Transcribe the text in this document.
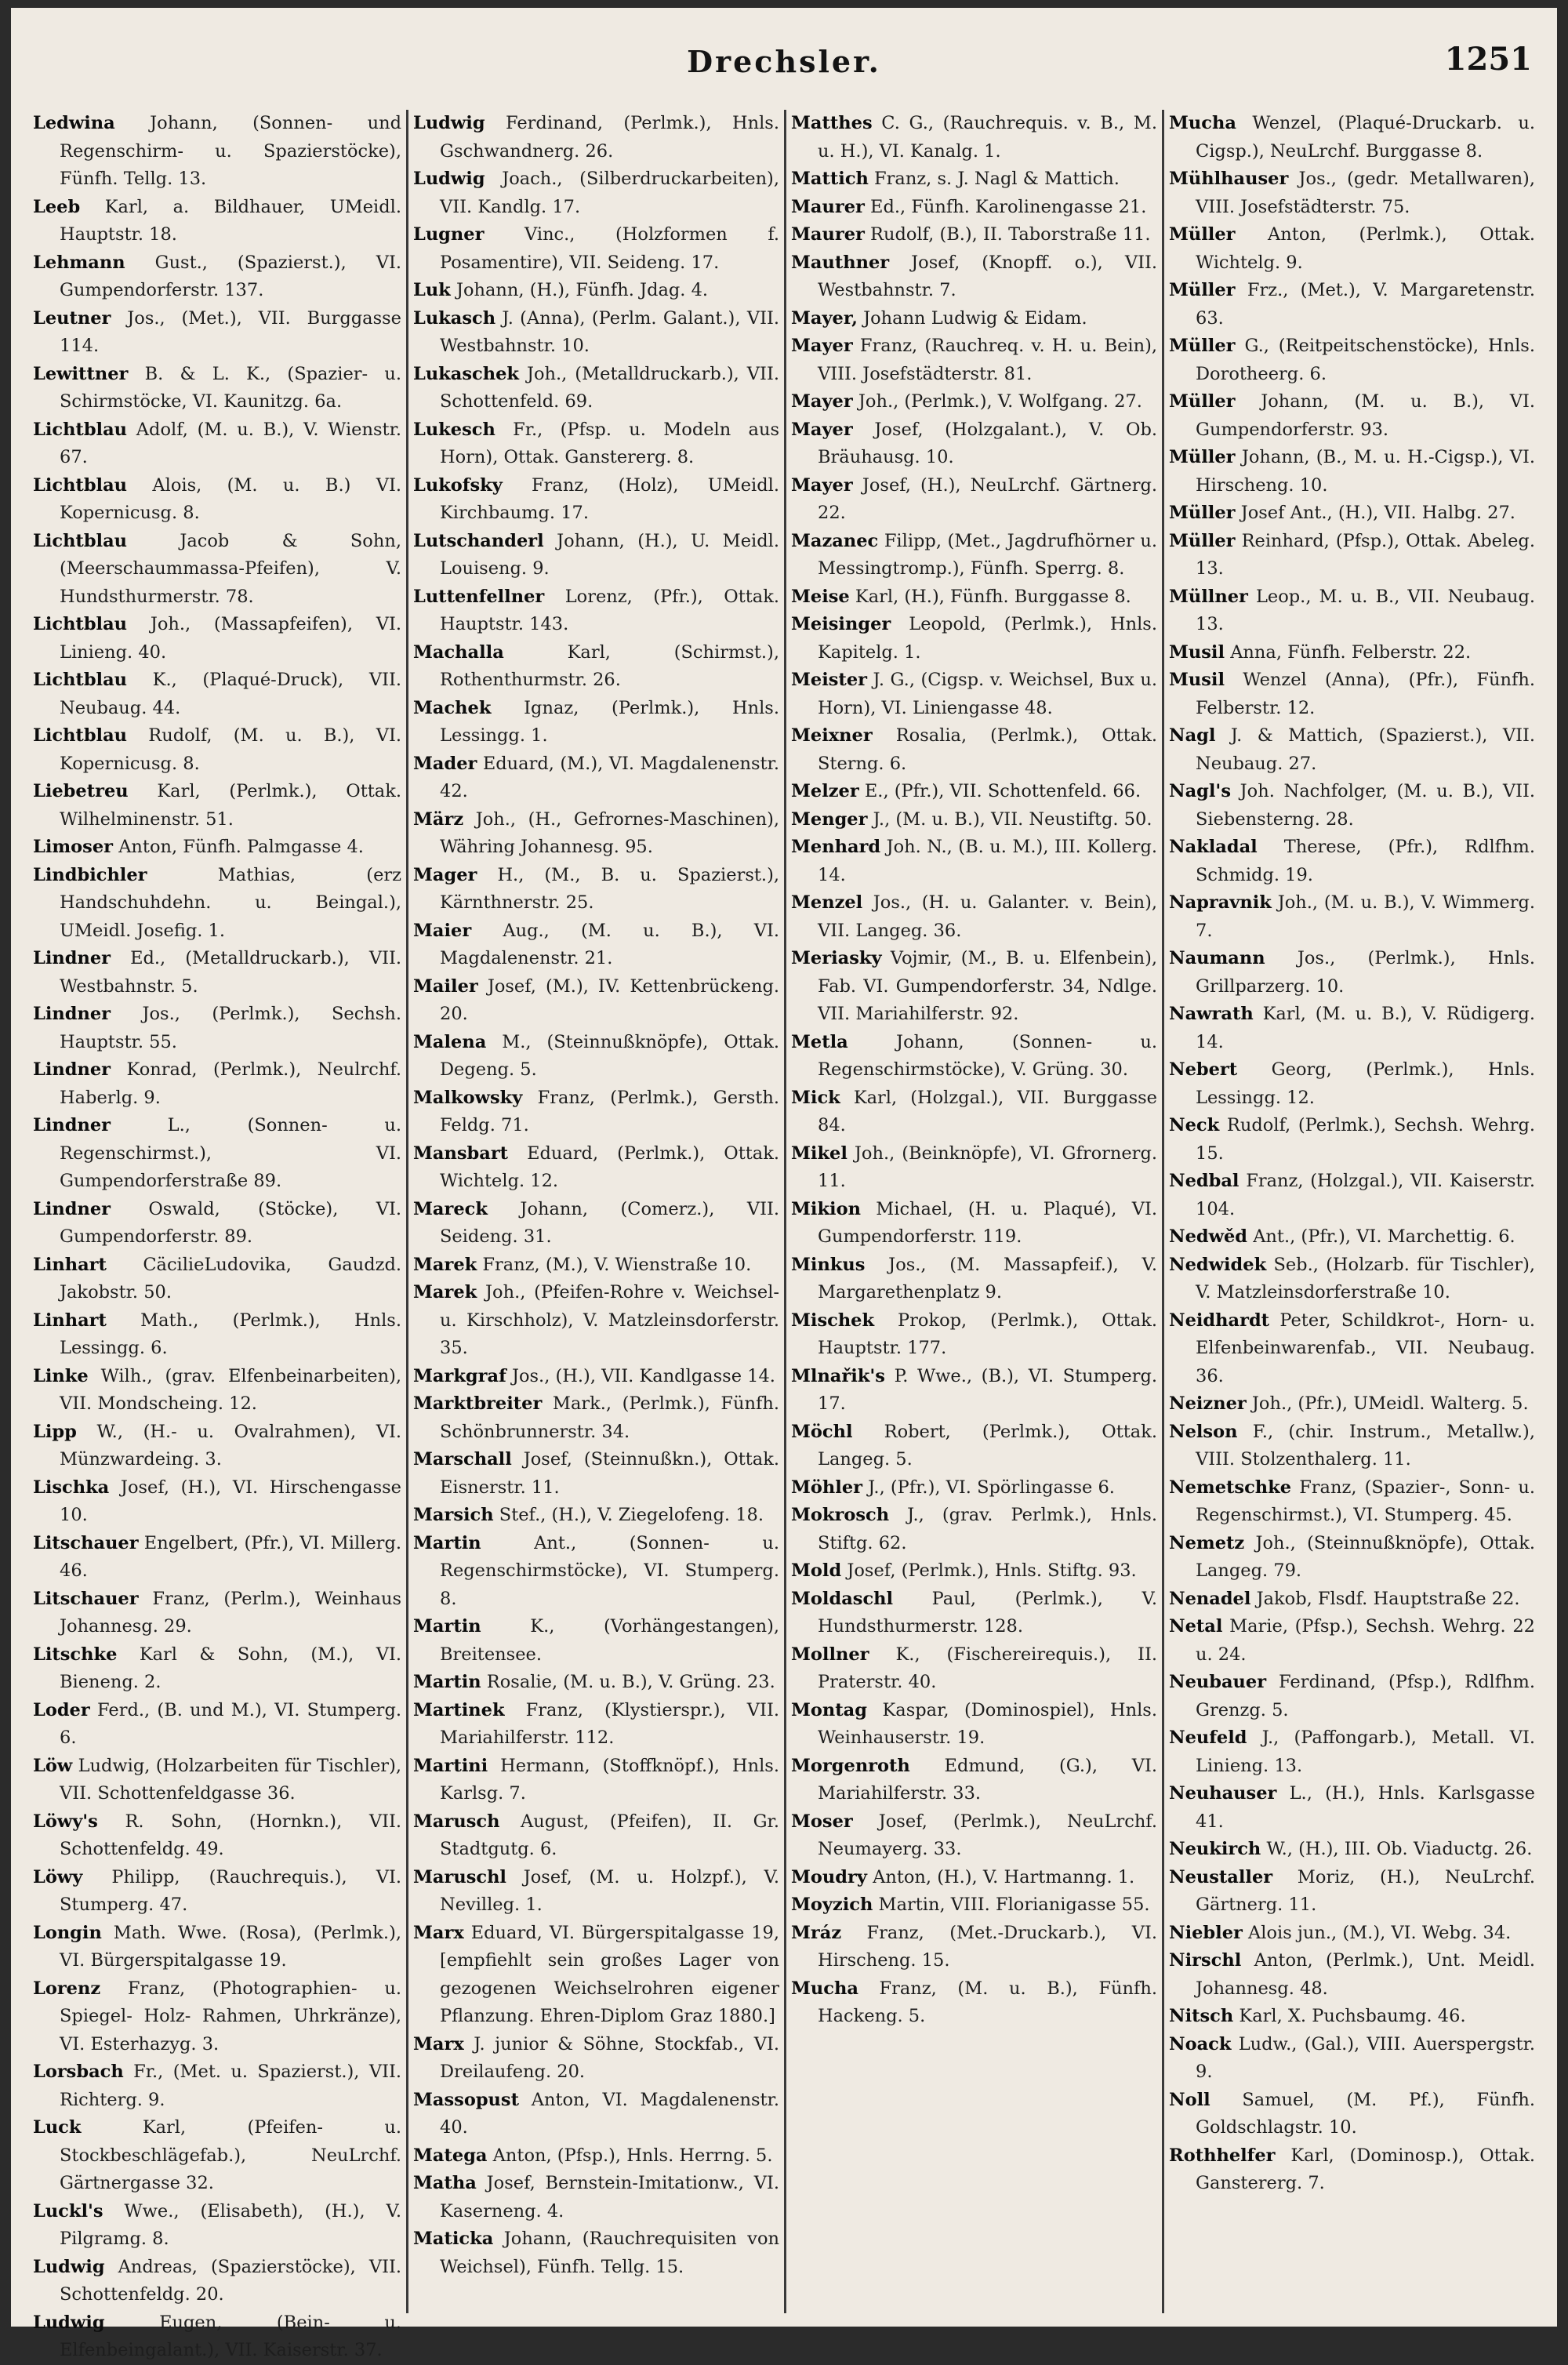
Drechsler.	1251
Ledwina Johann, (Sonnen- und Regenschirm- u. Spazierstöcke), Fünfh. Tellg. 13.
Leeb Karl, a. Bildhauer, UMeidl. Hauptstr. 18.
Lehmann Gust., (Spazierst.), VI. Gumpendorferstr. 137.
Leutner Jos., (Met.), VII. Burggasse 114.
Lewittner B. & L. K., (Spazier- u. Schirmstöcke, VI. Kaunitzg. 6a.
Lichtblau Adolf, (M. u. B.), V. Wienstr. 67.
Lichtblau Alois, (M. u. B.) VI. Kopernicusg. 8.
Lichtblau	Jacob & Sohn, (Meerschaummassa-Pfeifen), V. Hundsthurmerstr. 78.
Lichtblau Joh., (Massapfeifen), VI. Linieng. 40.
Lichtblau K., (Plaqué-Druck), VII. Neubaug. 44.
Lichtblau Rudolf, (M. u. B.), VI. Kopernicusg. 8.
Liebetreu Karl, (Perlmk.), Ottak. Wilhelminenstr. 51.
Limoser Anton, Fünfh. Palmgasse 4.
Lindbichler	Mathias, (erz Handschuhdehn. u. Beingal.), UMeidl. Josefig. 1.
Lindner Ed., (Metalldruckarb.), VII. Westbahnstr. 5.
Lindner Jos., (Perlmk.), Sechsh. Hauptstr. 55.
Lindner Konrad, (Perlmk.), Neulrchf. Haberlg. 9.
Lindner	L., (Sonnen- u. Regenschirmst.), VI. Gumpendorferstraße 89.
Lindner Oswald, (Stöcke), VI. Gumpendorferstr. 89.
Linhart CäcilieLudovika, Gaudzd. Jakobstr. 50.
Linhart Math., (Perlmk.), Hnls. Lessingg. 6.
Linke Wilh., (grav. Elfenbeinarbeiten), VII. Mondscheing. 12.
Lipp W., (H.- u. Ovalrahmen), VI. Münzwardeing. 3.
Lischka Josef, (H.), VI. Hirschengasse 10.
Litschauer Engelbert, (Pfr.), VI. Millerg. 46.
Litschauer Franz, (Perlm.), Weinhaus Johannesg. 29.
Litschke Karl & Sohn, (M.), VI. Bieneng. 2.
Loder Ferd., (B. und M.), VI. Stumperg. 6.
Löw Ludwig, (Holzarbeiten für Tischler), VII. Schottenfeldgasse 36.
Löwy's R. Sohn, (Hornkn.), VII. Schottenfeldg. 49.
Löwy Philipp, (Rauchrequis.), VI. Stumperg. 47.
Longin Math. Wwe. (Rosa), (Perlmk.), VI. Bürgerspitalgasse 19.
Lorenz Franz, (Photographien- u. Spiegel- Holz- Rahmen, Uhrkränze), VI. Esterhazyg. 3.
Lorsbach Fr., (Met. u. Spazierst.), VII. Richterg. 9.
Luck	Karl, (Pfeifen- u. Stockbeschlägefab.), NeuLrchf. Gärtnergasse 32.
Luckl's Wwe., (Elisabeth), (H.), V. Pilgramg. 8.
Ludwig Andreas, (Spazierstöcke), VII. Schottenfeldg. 20.
Ludwig	Eugen, (Bein- u. Elfenbeingalant.), VII. Kaiserstr. 37.
Ludwig Ferdinand, (Perlmk.), Hnls. Gschwandnerg. 26.
Ludwig Joach., (Silberdruckarbeiten), VII. Kandlg. 17.
Lugner Vinc., (Holzformen f. Posamentire), VII. Seideng. 17.
Luk Johann, (H.), Fünfh. Jdag. 4.
Lukasch J. (Anna), (Perlm. Galant.), VII. Westbahnstr. 10.
Lukaschek Joh., (Metalldruckarb.), VII. Schottenfeld. 69.
Lukesch Fr., (Pfsp. u. Modeln aus Horn), Ottak. Ganstererg. 8.
Lukofsky Franz, (Holz), UMeidl. Kirchbaumg. 17.
Lutschanderl Johann, (H.), U. Meidl. Louiseng. 9.
Luttenfellner Lorenz, (Pfr.), Ottak. Hauptstr. 143.
Machalla	Karl, (Schirmst.), Rothenthurmstr. 26.
Machek Ignaz, (Perlmk.), Hnls. Lessingg. 1.
Mader Eduard, (M.), VI. Magdalenenstr. 42.
März Joh., (H., Gefrornes-Maschinen), Währing Johannesg. 95.
Mager H., (M., B. u. Spazierst.), Kärnthnerstr. 25.
Maier Aug., (M. u. B.), VI. Magdalenenstr. 21.
Mailer Josef, (M.), IV. Kettenbrückeng. 20.
Malena M., (Steinnußknöpfe), Ottak. Degeng. 5.
Malkowsky Franz, (Perlmk.), Gersth. Feldg. 71.
Mansbart Eduard, (Perlmk.), Ottak. Wichtelg. 12.
Mareck Johann, (Comerz.), VII. Seideng. 31.
Marek Franz, (M.), V. Wienstraße 10.
Marek Joh., (Pfeifen-Rohre v. Weichsel- u. Kirschholz), V. Matzleinsdorferstr. 35.
Markgraf Jos., (H.), VII. Kandlgasse 14.
Marktbreiter Mark., (Perlmk.), Fünfh. Schönbrunnerstr. 34.
Marschall Josef, (Steinnußkn.), Ottak. Eisnerstr. 11.
Marsich Stef., (H.), V. Ziegelofeng. 18.
Martin	Ant., (Sonnen- u. Regenschirmstöcke), VI. Stumperg. 8.
Martin	K., (Vorhängestangen), Breitensee.
Martin Rosalie, (M. u. B.), V. Grüng. 23.
Martinek Franz, (Klystierspr.), VII. Mariahilferstr. 112.
Martini Hermann, (Stoffknöpf.), Hnls. Karlsg. 7.
Marusch August, (Pfeifen), II. Gr. Stadtgutg. 6.
Maruschl Josef, (M. u. Holzpf.), V. Nevilleg. 1.
Marx Eduard, VI. Bürgerspitalgasse 19, [empfiehlt sein großes Lager von gezogenen Weichselrohren eigener Pflanzung. Ehren-Diplom Graz 1880.]
Marx J. junior & Söhne, Stockfab., VI. Dreilaufeng. 20.
Massopust Anton, VI. Magdalenenstr. 40.
Matega Anton, (Pfsp.), Hnls. Herrng. 5.
Matha Josef, Bernstein-Imitationw., VI. Kaserneng. 4.
Maticka Johann, (Rauchrequisiten von Weichsel), Fünfh. Tellg. 15.
Matthes C. G., (Rauchrequis. v. B., M. u. H.), VI. Kanalg. 1.
Mattich Franz, s. J. Nagl & Mattich.
Maurer Ed., Fünfh. Karolinengasse 21.
Maurer Rudolf, (B.), II. Taborstraße 11.
Mauthner Josef, (Knopff. o.), VII. Westbahnstr. 7.
Mayer, Johann Ludwig & Eidam.
Mayer Franz, (Rauchreq. v. H. u. Bein), VIII. Josefstädterstr. 81.
Mayer Joh., (Perlmk.), V. Wolfgang. 27.
Mayer Josef, (Holzgalant.), V. Ob. Bräuhausg. 10.
Mayer Josef, (H.), NeuLrchf. Gärtnerg. 22.
Mazanec Filipp, (Met., Jagdrufhörner u. Messingtromp.), Fünfh. Sperrg. 8.
Meise Karl, (H.), Fünfh. Burggasse 8.
Meisinger Leopold, (Perlmk.), Hnls. Kapitelg. 1.
Meister J. G., (Cigsp. v. Weichsel, Bux u. Horn), VI. Liniengasse 48.
Meixner Rosalia, (Perlmk.), Ottak. Sterng. 6.
Melzer E., (Pfr.), VII. Schottenfeld. 66.
Menger J., (M. u. B.), VII. Neustiftg. 50.
Menhard Joh. N., (B. u. M.), III. Kollerg. 14.
Menzel Jos., (H. u. Galanter. v. Bein), VII. Langeg. 36.
Meriasky Vojmir, (M., B. u. Elfenbein), Fab. VI. Gumpendorferstr. 34, Ndlge. VII. Mariahilferstr. 92.
Metla	Johann, (Sonnen- u. Regenschirmstöcke), V. Grüng. 30.
Mick Karl, (Holzgal.), VII. Burggasse 84.
Mikel Joh., (Beinknöpfe), VI. Gfrornerg. 11.
Mikion Michael, (H. u. Plaqué), VI. Gumpendorferstr. 119.
Minkus Jos., (M. Massapfeif.), V. Margarethenplatz 9.
Mischek Prokop, (Perlmk.), Ottak. Hauptstr. 177.
Mlnařik's P. Wwe., (B.), VI. Stumperg. 17.
Möchl Robert, (Perlmk.), Ottak. Langeg. 5.
Möhler J., (Pfr.), VI. Spörlingasse 6.
Mokrosch J., (grav. Perlmk.), Hnls. Stiftg. 62.
Mold Josef, (Perlmk.), Hnls. Stiftg. 93.
Moldaschl Paul, (Perlmk.), V. Hundsthurmerstr. 128.
Mollner K., (Fischereirequis.), II. Praterstr. 40.
Montag Kaspar, (Dominospiel), Hnls. Weinhauserstr. 19.
Morgenroth Edmund, (G.), VI. Mariahilferstr. 33.
Moser Josef, (Perlmk.), NeuLrchf. Neumayerg. 33.
Moudry Anton, (H.), V. Hartmanng. 1.
Moyzich Martin, VIII. Florianigasse 55.
Mráz Franz, (Met.-Druckarb.), VI. Hirscheng. 15.
Mucha Franz, (M. u. B.), Fünfh. Hackeng. 5.
Mucha Wenzel, (Plaqué-Druckarb. u. Cigsp.), NeuLrchf. Burggasse 8.
Mühlhauser Jos., (gedr. Metallwaren), VIII. Josefstädterstr. 75.
Müller Anton, (Perlmk.), Ottak. Wichtelg. 9.
Müller Frz., (Met.), V. Margaretenstr. 63.
Müller G., (Reitpeitschenstöcke), Hnls. Dorotheerg. 6.
Müller Johann, (M. u. B.), VI. Gumpendorferstr. 93.
Müller Johann, (B., M. u. H.-Cigsp.), VI. Hirscheng. 10.
Müller Josef Ant., (H.), VII. Halbg. 27.
Müller Reinhard, (Pfsp.), Ottak. Abeleg. 13.
Müllner Leop., M. u. B., VII. Neubaug. 13.
Musil Anna, Fünfh. Felberstr. 22.
Musil Wenzel (Anna), (Pfr.), Fünfh. Felberstr. 12.
Nagl J. & Mattich, (Spazierst.), VII. Neubaug. 27.
Nagl's Joh. Nachfolger, (M. u. B.), VII. Siebensterng. 28.
Nakladal Therese, (Pfr.), Rdlfhm. Schmidg. 19.
Napravnik Joh., (M. u. B.), V. Wimmerg. 7.
Naumann Jos., (Perlmk.), Hnls. Grillparzerg. 10.
Nawrath Karl, (M. u. B.), V. Rüdigerg. 14.
Nebert Georg, (Perlmk.), Hnls. Lessingg. 12.
Neck Rudolf, (Perlmk.), Sechsh. Wehrg. 15.
Nedbal Franz, (Holzgal.), VII. Kaiserstr. 104.
Nedwěd Ant., (Pfr.), VI. Marchettig. 6.
Nedwidek Seb., (Holzarb. für Tischler), V. Matzleinsdorferstraße 10.
Neidhardt Peter, Schildkrot-, Horn- u. Elfenbeinwarenfab., VII. Neubaug. 36.
Neizner Joh., (Pfr.), UMeidl. Walterg. 5.
Nelson F., (chir. Instrum., Metallw.), VIII. Stolzenthalerg. 11.
Nemetschke Franz, (Spazier-, Sonn- u. Regenschirmst.), VI. Stumperg. 45.
Nemetz Joh., (Steinnußknöpfe), Ottak. Langeg. 79.
Nenadel Jakob, Flsdf. Hauptstraße 22.
Netal Marie, (Pfsp.), Sechsh. Wehrg. 22 u. 24.
Neubauer Ferdinand, (Pfsp.), Rdlfhm. Grenzg. 5.
Neufeld J., (Paffongarb.), Metall. VI. Linieng. 13.
Neuhauser L., (H.), Hnls. Karlsgasse 41.
Neukirch W., (H.), III. Ob. Viaductg. 26.
Neustaller Moriz, (H.), NeuLrchf. Gärtnerg. 11.
Niebler Alois jun., (M.), VI. Webg. 34.
Nirschl Anton, (Perlmk.), Unt. Meidl. Johannesg. 48.
Nitsch Karl, X. Puchsbaumg. 46.
Noack Ludw., (Gal.), VIII. Auerspergstr. 9.
Noll Samuel, (M. Pf.), Fünfh. Goldschlagstr. 10.
Rothhelfer Karl, (Dominosp.), Ottak. Ganstererg. 7.
